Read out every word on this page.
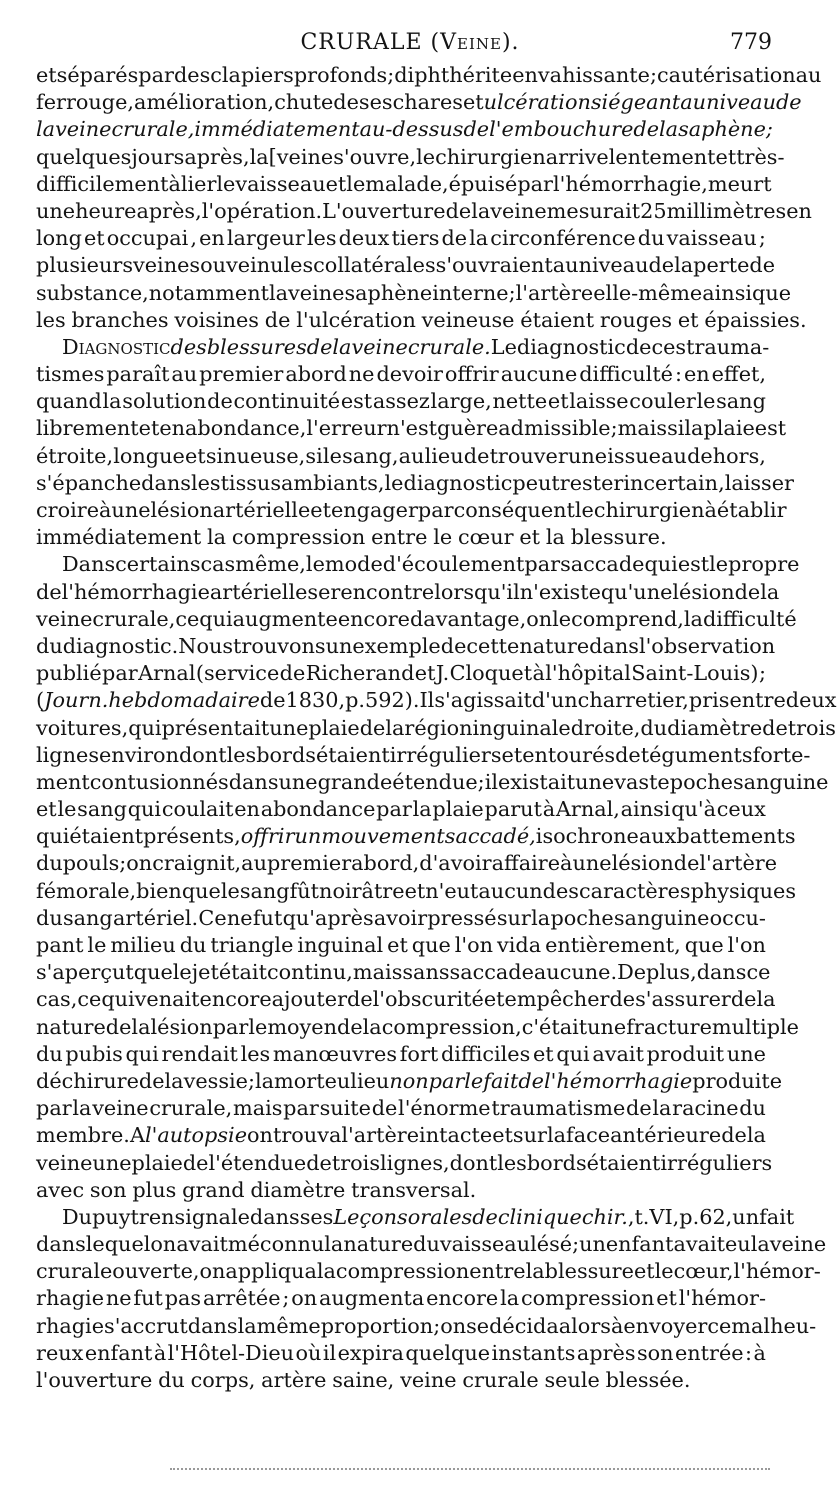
CRURALE (Veine).	779
et séparés par des clapiers profonds ; diphthérite envahissante ; cautérisation au
fer rouge, amélioration, chute des eschares et ulcération siégeant au niveau de
la veine crurale, immédiatement au-dessus de l'embouchure de la saphène;
quelques jours après, la [veine s'ouvre, le chirurgien arrive lentement et très-
difficilement à lier le vaisseau et le malade, épuisé par l'hémorrhagie, meurt
une heure après, l'opération. L'ouverture de la veine mesurait 25 millimètres en
long et occupai , en largeur les deux tiers de la circonférence du vaisseau ;
plusieurs veines ou veinules collatérales s'ouvraient au niveau de la perte de
substance, notamment la veine saphène interne ; l'artère elle-même ainsi que
les branches voisines de l'ulcération veineuse étaient rouges et épaissies.
Diagnostic des blessures de la veine crurale. Le diagnostic de ces trauma-
tismes paraît au premier abord ne devoir offrir aucune difficulté : en effet,
quand la solution de continuité est assez large, nette et laisse couler le sang
librement et en abondance, l'erreur n'est guère admissible; mais si la plaie est
étroite, longue et sinueuse, si le sang, au lieu de trouver une issue au dehors,
s'épanche dans les tissus ambiants, le diagnostic peut rester incertain, laisser
croire à une lésion artérielle et engager par conséquent le chirurgien à établir
immédiatement la compression entre le cœur et la blessure.
Dans certains cas même, le mode d'écoulement par saccade qui est le propre
de l'hémorrhagie artérielle se rencontre lorsqu'il n'existe qu'une lésion de la
veine crurale, ce qui augmente encore davantage, on le comprend, la difficulté
du diagnostic. Nous trouvons un exemple de cette nature dans l'observation
publié par Arnal (service de Richerand et J. Cloquet à l'hôpital Saint-Louis) ;
(Journ. hebdomadaire de 1830, p. 592). Il s'agissait d'un charretier, pris entre deux
voitures, qui présentait une plaie de la région inguinale droite, du diamètre de trois
lignes environ dont les bords étaient irréguliers et entourés de téguments forte-
ment contusionnés dans une grande étendue ; il existait une vaste poche sanguine
et le sang qui coulait en abondance par la plaie parut à Arnal, ainsi qu'à ceux
qui étaient présents, offrir un mouvement saccadé, isochrone aux battements
du pouls; on craignit, au premier abord, d'avoir affaire à une lésion de l'artère
fémorale, bien que le sang fût noirâtre et n'eut aucun des caractères physiques
du sang artériel. Ce ne fut qu'après avoir pressé sur la poche sanguine occu-
pant le milieu du triangle inguinal et que l'on vida entièrement, que l'on
s'aperçut que le jet était continu, mais sans saccade aucune. De plus, dans ce
cas, ce qui venait encore ajouter de l'obscurité et empêcher de s'assurer de la
nature de la lésion par le moyen de la compression, c'était une fracture multiple
du pubis qui rendait les manœuvres fort difficiles et qui avait produit une
déchirure de la vessie ; la mort eu lieu non par le fait de l'hémorrhagie produite
par la veine crurale, mais par suite de l'énorme traumatisme de la racine du
membre. A l'autopsie on trouva l'artère intacte et sur la face antérieure de la
veine une plaie de l'étendue de trois lignes, dont les bords étaient irréguliers
avec son plus grand diamètre transversal.
Dupuytren signale dans ses Leçons orales de clinique chir., t. VI, p. 62, un fait
dans lequel on avait méconnu la nature du vaisseau lésé ; un enfant avait eu la veine
crurale ouverte, on appliqua la compression entre la blessure et le cœur, l'hémor-
rhagie ne fut pas arrêtée ; on augmenta encore la compression et l'hémor-
rhagie s'accrut dans la même proportion ; on se décida alors à envoyer ce malheu-
reux enfant à l'Hôtel-Dieu où il expira quelque instants après son entrée : à
l'ouverture du corps, artère saine, veine crurale seule blessée.
